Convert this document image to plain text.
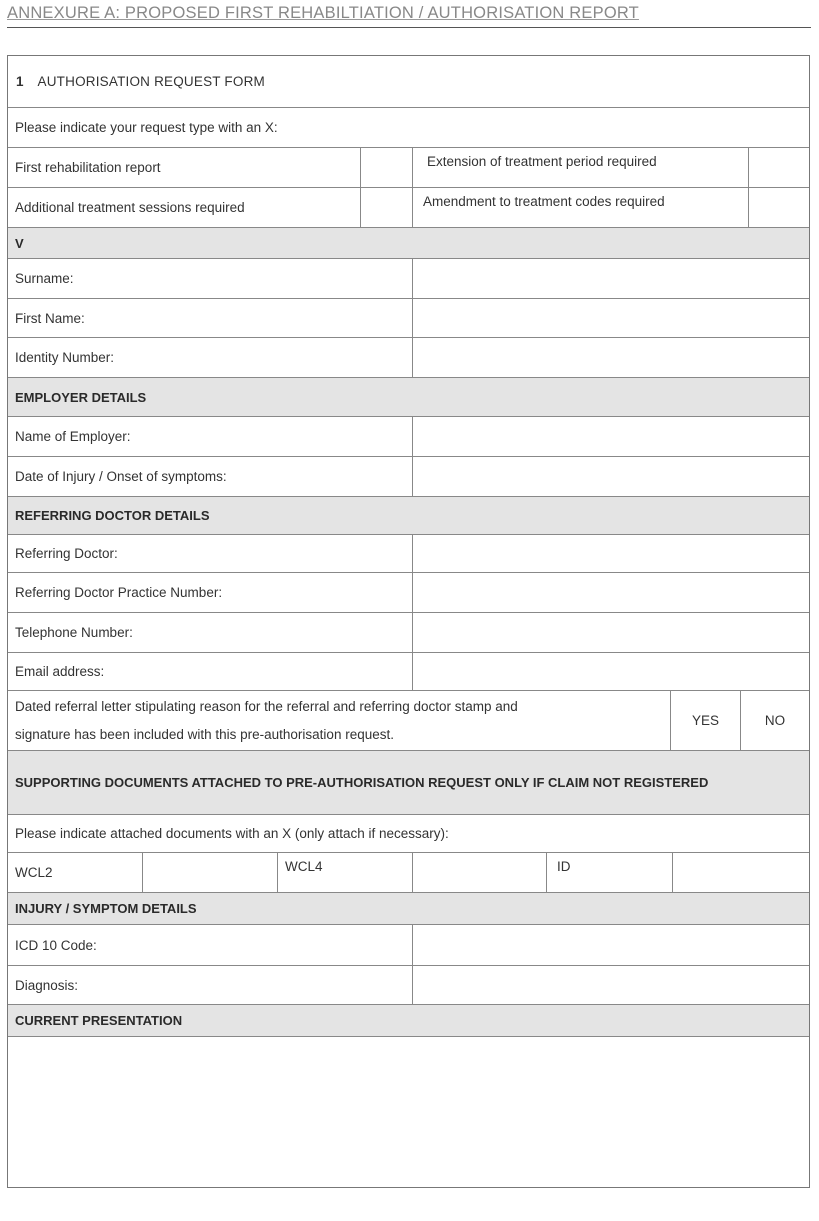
ANNEXURE A: PROPOSED FIRST REHABILTIATION / AUTHORISATION REPORT
1 AUTHORISATION REQUEST FORM
Please indicate your request type with an X:
First rehabilitation report	Extension of treatment period required
Additional treatment sessions required	Amendment to treatment codes required
V
Surname:
First Name:
Identity Number:
EMPLOYER DETAILS
Name of Employer:
Date of Injury / Onset of symptoms:
REFERRING DOCTOR DETAILS
Referring Doctor:
Referring Doctor Practice Number:
Telephone Number:
Email address:
Dated referral letter stipulating reason for the referral and referring doctor stamp and
signature has been included with this pre-authorisation request.
YES	NO
SUPPORTING DOCUMENTS ATTACHED TO PRE-AUTHORISATION REQUEST ONLY IF CLAIM NOT REGISTERED
Please indicate attached documents with an X (only attach if necessary):
WCL2	WCL4	ID
INJURY / SYMPTOM DETAILS
ICD 10 Code:
Diagnosis:
CURRENT PRESENTATION
